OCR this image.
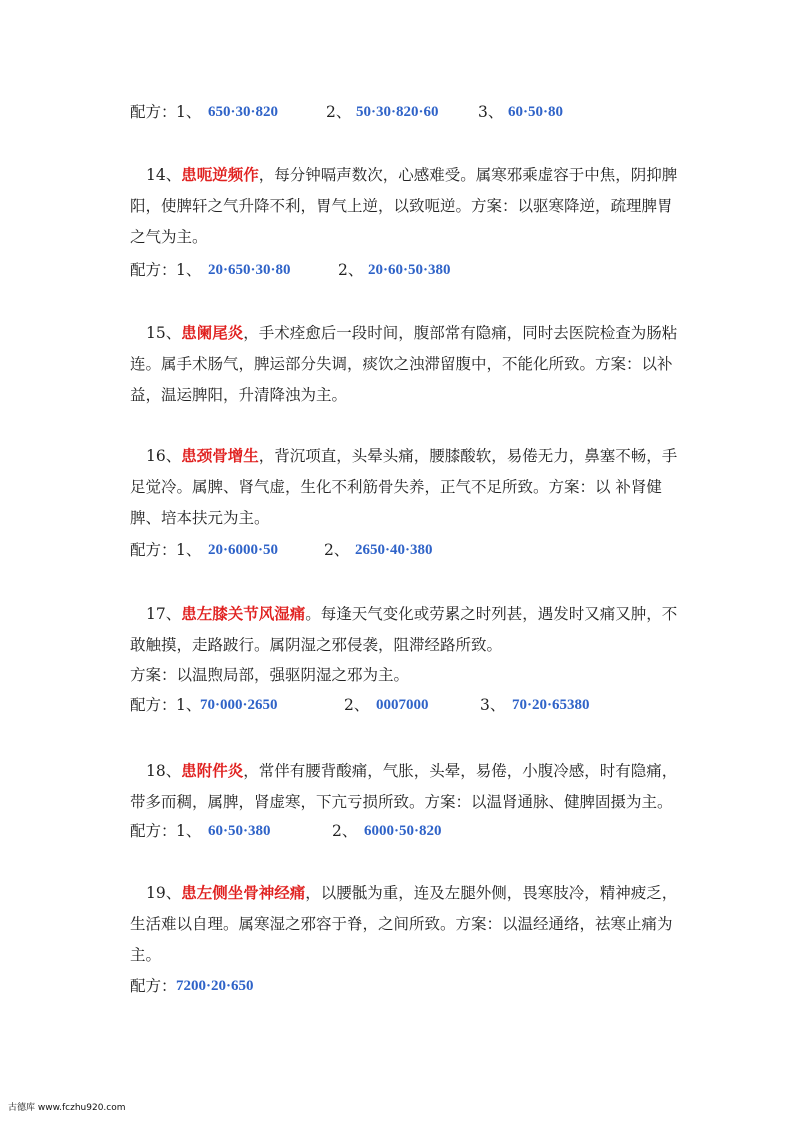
配方： 1、 650·30·820	2、 50·30·820·60	3、 60·50·80
14、患呃逆频作，每分钟嗝声数次，心感难受。属寒邪乘虚容于中焦，阴抑脾
阳，使脾轩之气升降不利，胃气上逆，以致呃逆。方案：以驱寒降逆，疏理脾胃
之气为主。
配方： 1、 20·650·30·80	2、 20·60·50·380
15、患阑尾炎，手术痊愈后一段时间，腹部常有隐痛，同时去医院检查为肠粘
连。属手术肠气，脾运部分失调，痰饮之浊滞留腹中，不能化所致。方案：以补
益，温运脾阳，升清降浊为主。
16、患颈骨增生，背沉项直，头晕头痛，腰膝酸软，易倦无力，鼻塞不畅，手
足觉冷。属脾、肾气虚，生化不利筋骨失养，正气不足所致。方案：以 补肾健
脾、培本扶元为主。
配方： 1、 20·6000·50	2、 2650·40·380
17、患左膝关节风湿痛。每逢天气变化或劳累之时列甚，遇发时又痛又肿，不
敢触摸，走路跛行。属阴湿之邪侵袭，阻滞经路所致。
方案：以温煦局部，强驱阴湿之邪为主。
配方： 1、
70·000·2650	2、 0007000	3、 70·20·65380
18、患附件炎，常伴有腰背酸痛，气胀，头晕，易倦，小腹冷感，时有隐痛，
带多而稠，属脾，肾虚寒，下亢亏损所致。方案：以温肾通脉、健脾固摄为主。
配方： 1、 60·50·380	2、 6000·50·820
19、患左侧坐骨神经痛，以腰骶为重，连及左腿外侧，畏寒肢冷，精神疲乏，
生活难以自理。属寒湿之邪容于脊，之间所致。方案：以温经通络，祛寒止痛为
主。
配方： 7200·20·650
古德库 www.fczhu920.com
